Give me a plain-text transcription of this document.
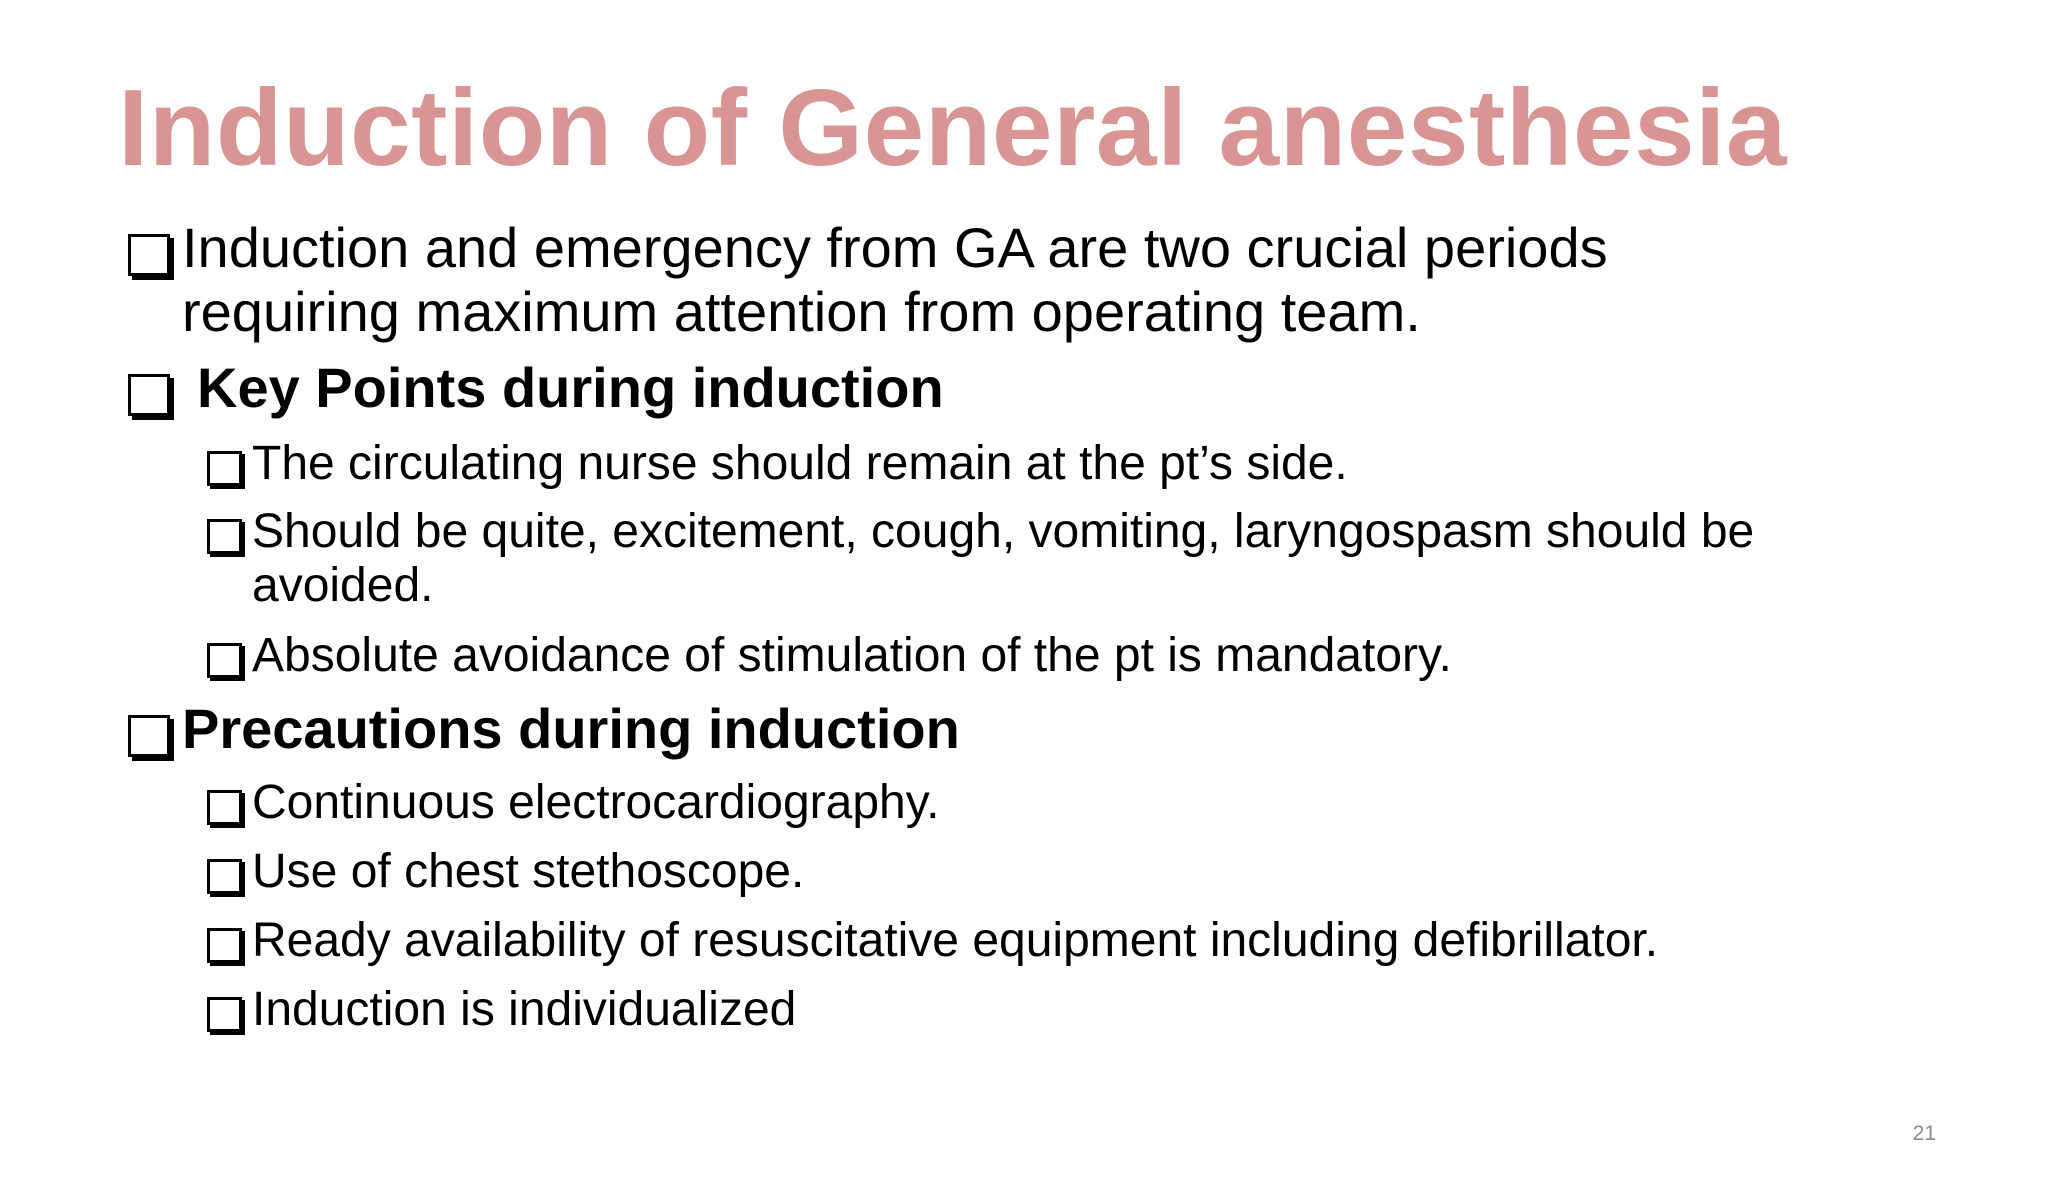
Induction of General anesthesia
Induction and emergency from GA are two crucial periods
requiring maximum attention from operating team.
Key Points during induction
The circulating nurse should remain at the pt’s side.
Should be quite, excitement, cough, vomiting, laryngospasm should be
avoided.
Absolute avoidance of stimulation of the pt is mandatory.
Precautions during induction
Continuous electrocardiography.
Use of chest stethoscope.
Ready availability of resuscitative equipment including defibrillator.
Induction is individualized
21
